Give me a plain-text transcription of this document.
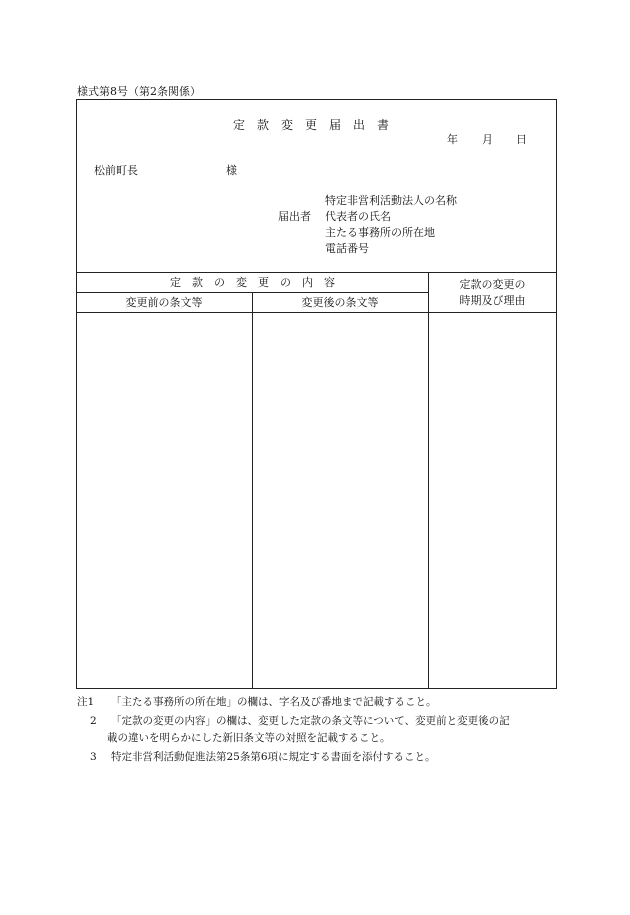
様式第8号（第2条関係）
定　款　変　更　届　出　書
年 月 日
松前町長	様
届出者
特定非営利活動法人の名称
代表者の氏名
主たる事務所の所在地
電話番号
定　款　の　変　更　の　内　容
変更前の条文等	変更後の条文等
定款の変更の
時期及び理由
注1 「主たる事務所の所在地」の欄は、字名及び番地まで記載すること。
2 「定款の変更の内容」の欄は、変更した定款の条文等について、変更前と変更後の記
載の違いを明らかにした新旧条文等の対照を記載すること。
3 特定非営利活動促進法第25条第6項に規定する書面を添付すること。
